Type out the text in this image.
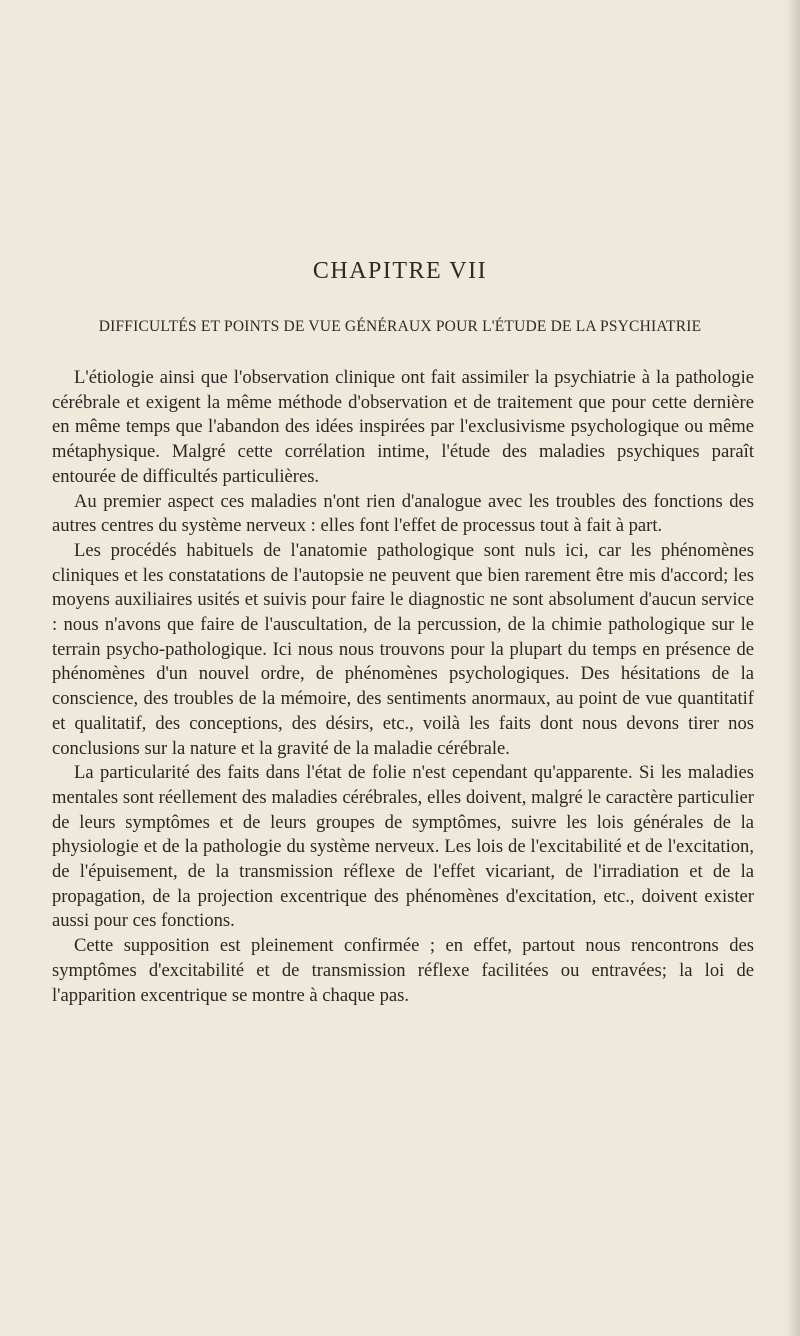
CHAPITRE VII
DIFFICULTÉS ET POINTS DE VUE GÉNÉRAUX POUR L'ÉTUDE DE LA PSYCHIATRIE

L'étiologie ainsi que l'observation clinique ont fait assimiler la psychiatrie à la pathologie cérébrale et exigent la même méthode d'observation et de traitement que pour cette dernière en même temps que l'abandon des idées inspirées par l'exclusivisme psychologique ou même métaphysique. Malgré cette corrélation intime, l'étude des maladies psychiques paraît entourée de difficultés particulières.

Au premier aspect ces maladies n'ont rien d'analogue avec les troubles des fonctions des autres centres du système nerveux : elles font l'effet de processus tout à fait à part.

Les procédés habituels de l'anatomie pathologique sont nuls ici, car les phénomènes cliniques et les constatations de l'autopsie ne peuvent que bien rarement être mis d'accord; les moyens auxiliaires usités et suivis pour faire le diagnostic ne sont absolument d'aucun service : nous n'avons que faire de l'auscultation, de la percussion, de la chimie pathologique sur le terrain psycho-pathologique. Ici nous nous trouvons pour la plupart du temps en présence de phénomènes d'un nouvel ordre, de phénomènes psychologiques. Des hésitations de la conscience, des troubles de la mémoire, des sentiments anormaux, au point de vue quantitatif et qualitatif, des conceptions, des désirs, etc., voilà les faits dont nous devons tirer nos conclusions sur la nature et la gravité de la maladie cérébrale.

La particularité des faits dans l'état de folie n'est cependant qu'apparente. Si les maladies mentales sont réellement des maladies cérébrales, elles doivent, malgré le caractère particulier de leurs symptômes et de leurs groupes de symptômes, suivre les lois générales de la physiologie et de la pathologie du système nerveux. Les lois de l'excitabilité et de l'excitation, de l'épuisement, de la transmission réflexe de l'effet vicariant, de l'irradiation et de la propagation, de la projection excentrique des phénomènes d'excitation, etc., doivent exister aussi pour ces fonctions.

Cette supposition est pleinement confirmée ; en effet, partout nous rencontrons des symptômes d'excitabilité et de transmission réflexe facilitées ou entravées; la loi de l'apparition excentrique se montre à chaque pas.
